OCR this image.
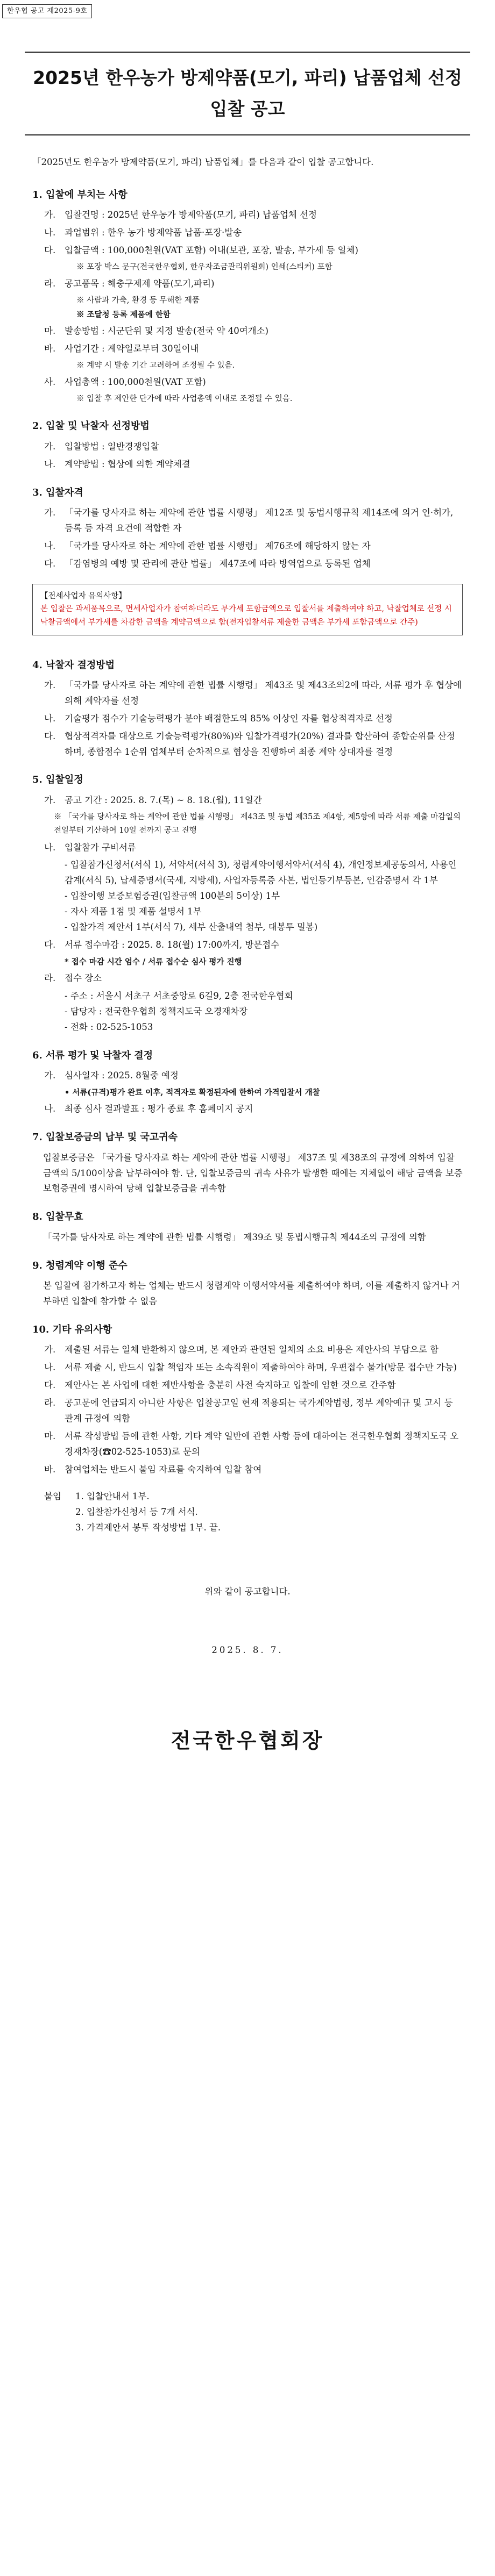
한우협 공고 제2025-9호
2025년 한우농가 방제약품(모기, 파리) 납품업체 선정
입찰 공고

「2025년도 한우농가 방제약품(모기, 파리) 납품업체」를 다음과 같이 입찰 공고합니다.

1. 입찰에 부치는 사항
가.	입찰건명 : 2025년 한우농가 방제약품(모기, 파리) 납품업체 선정
나.	과업범위 : 한우 농가 방제약품 납품·포장·발송
다.	입찰금액 : 100,000천원(VAT 포함) 이내(보관, 포장, 발송, 부가세 등 일체)
※ 포장 박스 문구(전국한우협회, 한우자조금관리위원회) 인쇄(스티커) 포함
라.	공고품목 : 해충구제제 약품(모기,파리)
※ 사람과 가축, 환경 등 무해한 제품
※ 조달청 등록 제품에 한함
마.	발송방법 : 시군단위 및 지정 발송(전국 약 40여개소)
바.	사업기간 : 계약일로부터 30일이내
※ 계약 시 발송 기간 고려하여 조정될 수 있음.
사.	사업총액 : 100,000천원(VAT 포함)
※ 입찰 후 제안한 단가에 따라 사업총액 이내로 조정될 수 있음.
2. 입찰 및 낙찰자 선정방법
가.	입찰방법 : 일반경쟁입찰
나.	계약방법 : 협상에 의한 계약체결
3. 입찰자격
가.	「국가를 당사자로 하는 계약에 관한 법률 시행령」 제12조 및 동법시행규칙 제14조에 의거 인·허가, 등록 등 자격 요건에 적합한 자
나.	「국가를 당사자로 하는 계약에 관한 법률 시행령」 제76조에 해당하지 않는 자
다.	「감염병의 예방 및 관리에 관한 법률」 제47조에 따라 방역업으로 등록된 업체
【전세사업자 유의사항】
본 입찰은 과세품목으로, 면세사업자가 참여하더라도 부가세 포함금액으로 입찰서를 제출하여야 하고, 낙찰업체로 선정 시 낙찰금액에서 부가세를 차감한 금액을 계약금액으로 함(전자입찰서류 제출한 금액은 부가세 포함금액으로 간주)
4. 낙찰자 결정방법
가.	「국가를 당사자로 하는 계약에 관한 법률 시행령」 제43조 및 제43조의2에 따라, 서류 평가 후 협상에 의해 계약자를 선정
나.	기술평가 점수가 기술능력평가 분야 배점한도의 85% 이상인 자를 협상적격자로 선정
다.	협상적격자를 대상으로 기술능력평가(80%)와 입찰가격평가(20%) 결과를 합산하여 종합순위를 산정하며, 종합점수 1순위 업체부터 순차적으로 협상을 진행하여 최종 계약 상대자를 결정
5. 입찰일정
가.	공고 기간 : 2025. 8. 7.(목) ~ 8. 18.(월), 11일간
※ 「국가를 당사자로 하는 계약에 관한 법률 시행령」 제43조 및 동법 제35조 제4항, 제5항에 따라 서류 제출 마감일의 전일부터 기산하여 10일 전까지 공고 진행
나.	입찰참가 구비서류
- 입찰참가신청서(서식 1), 서약서(서식 3), 청렴계약이행서약서(서식 4), 개인정보제공동의서, 사용인감계(서식 5), 납세증명서(국세, 지방세), 사업자등록증 사본, 법인등기부등본, 인감증명서 각 1부
- 입찰이행 보증보험증권(입찰금액 100분의 5이상) 1부
- 자사 제품 1점 및 제품 설명서 1부
- 입찰가격 제안서 1부(서식 7), 세부 산출내역 첨부, 대봉투 밀봉)
다.	서류 접수마감 : 2025. 8. 18(월) 17:00까지, 방문접수
* 접수 마감 시간 엄수 / 서류 접수순 심사 평가 진행
라.	접수 장소
- 주소 : 서울시 서초구 서초중앙로 6길9, 2층 전국한우협회
- 담당자 : 전국한우협회 정책지도국 오경재차장
- 전화 : 02-525-1053
6. 서류 평가 및 낙찰자 결정
가.	심사일자 : 2025. 8월중 예정
• 서류(규격)평가 완료 이후, 적격자로 확정된자에 한하여 가격입찰서 개찰
나.	최종 심사 결과발표 : 평가 종료 후 홈페이지 공지
7. 입찰보증금의 납부 및 국고귀속
입찰보증금은 「국가를 당사자로 하는 계약에 관한 법률 시행령」 제37조 및 제38조의 규정에 의하여 입찰금액의 5/100이상을 납부하여야 함. 단, 입찰보증금의 귀속 사유가 발생한 때에는 지체없이 해당 금액을 보증보험증권에 명시하여 당해 입찰보증금을 귀속함
8. 입찰무효
「국가를 당사자로 하는 계약에 관한 법률 시행령」 제39조 및 동법시행규칙 제44조의 규정에 의함
9. 청렴계약 이행 준수
본 입찰에 참가하고자 하는 업체는 반드시 청렴계약 이행서약서를 제출하여야 하며, 이를 제출하지 않거나 거부하면 입찰에 참가할 수 없음
10. 기타 유의사항
가.	제출된 서류는 일체 반환하지 않으며, 본 제안과 관련된 일체의 소요 비용은 제안사의 부담으로 함
나.	서류 제출 시, 반드시 입찰 책임자 또는 소속직원이 제출하여야 하며, 우편접수 불가(방문 접수만 가능)
다.	제안사는 본 사업에 대한 제반사항을 충분히 사전 숙지하고 입찰에 임한 것으로 간주함
라.	공고문에 언급되지 아니한 사항은 입찰공고일 현재 적용되는 국가계약법령, 정부 계약예규 및 고시 등 관계 규정에 의함
마.	서류 작성방법 등에 관한 사항, 기타 계약 일반에 관한 사항 등에 대하여는 전국한우협회 정책지도국 오경재차장(☎02-525-1053)로 문의
바.	참여업체는 반드시 불임 자료를 숙지하여 입찰 참여
붙임	1. 입찰안내서 1부.
2. 입찰참가신청서 등 7개 서식.
3. 가격제안서 봉투 작성방법 1부. 끝.
위와 같이 공고합니다.
2025. 8. 7.
전국한우협회장
